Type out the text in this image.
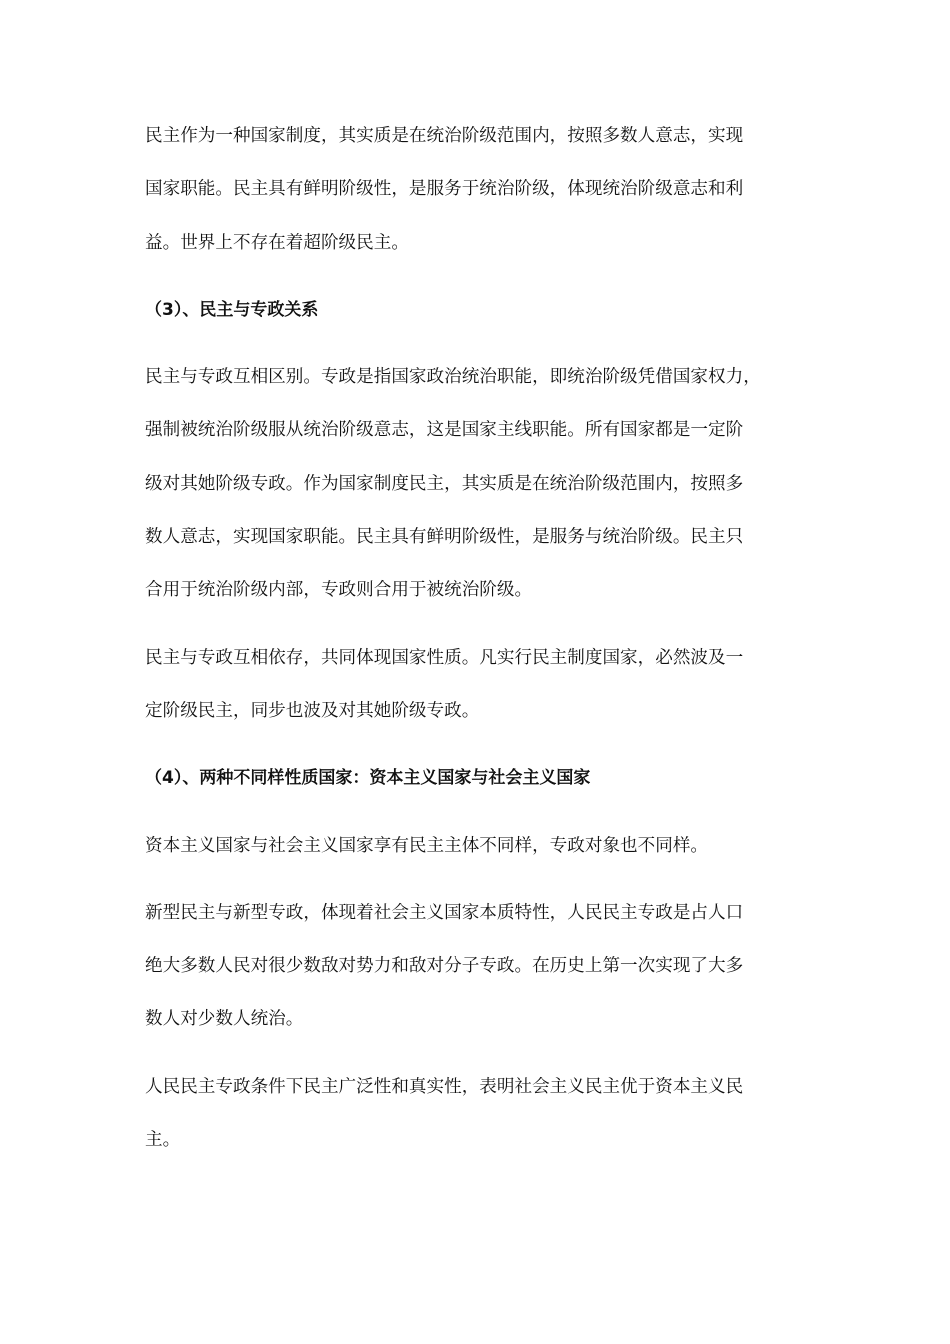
民主作为一种国家制度，其实质是在统治阶级范围内，按照多数人意志，实现
国家职能。民主具有鲜明阶级性，是服务于统治阶级，体现统治阶级意志和利
益。世界上不存在着超阶级民主。

（3）、民主与专政关系

民主与专政互相区别。专政是指国家政治统治职能，即统治阶级凭借国家权力，
强制被统治阶级服从统治阶级意志，这是国家主线职能。所有国家都是一定阶
级对其她阶级专政。作为国家制度民主，其实质是在统治阶级范围内，按照多
数人意志，实现国家职能。民主具有鲜明阶级性，是服务与统治阶级。民主只
合用于统治阶级内部，专政则合用于被统治阶级。

民主与专政互相依存，共同体现国家性质。凡实行民主制度国家，必然波及一
定阶级民主，同步也波及对其她阶级专政。

（4）、两种不同样性质国家：资本主义国家与社会主义国家

资本主义国家与社会主义国家享有民主主体不同样，专政对象也不同样。

新型民主与新型专政，体现着社会主义国家本质特性，人民民主专政是占人口
绝大多数人民对很少数敌对势力和敌对分子专政。在历史上第一次实现了大多
数人对少数人统治。

人民民主专政条件下民主广泛性和真实性，表明社会主义民主优于资本主义民
主。
